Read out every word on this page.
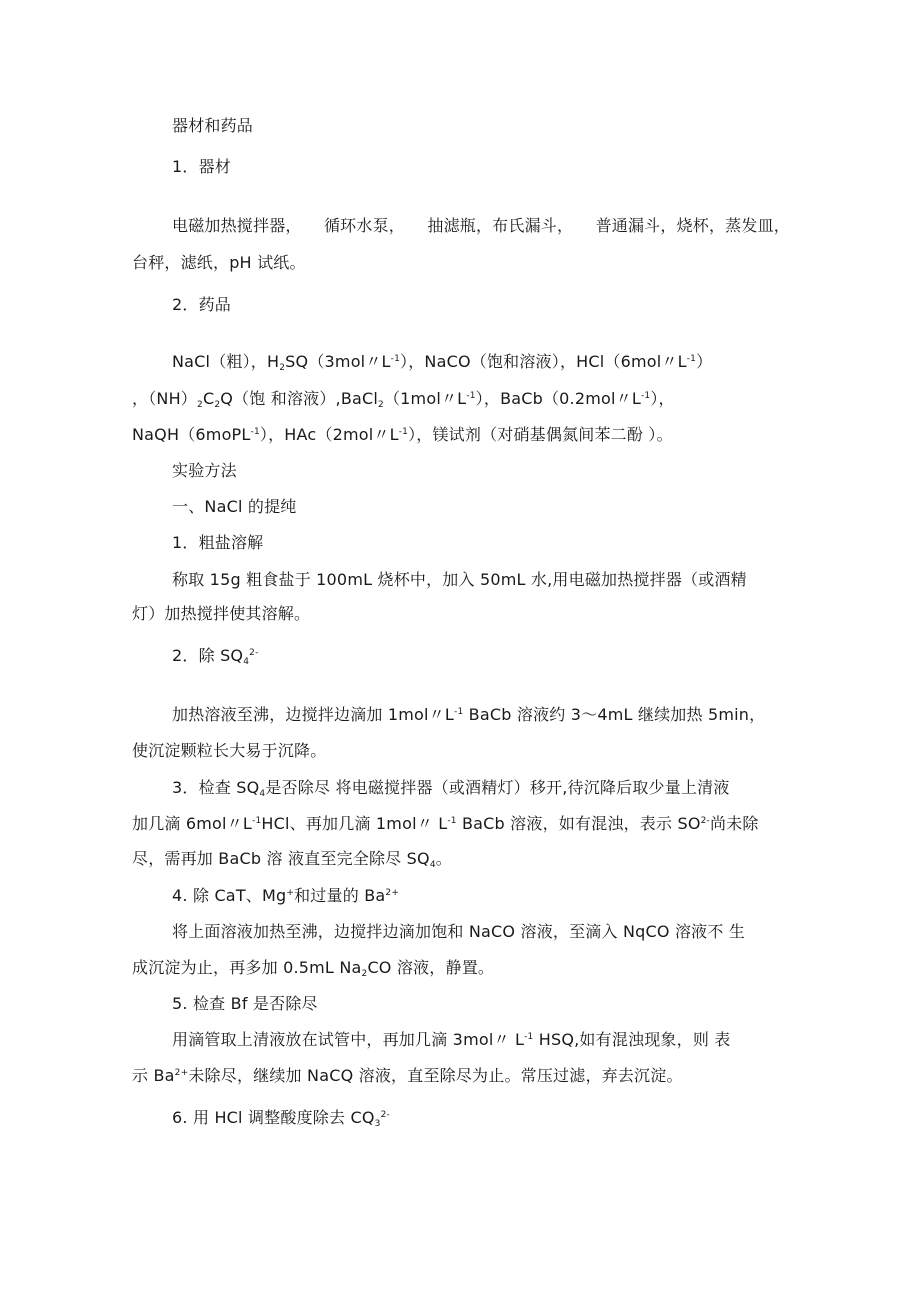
器材和药品
1．器材
电磁加热搅拌器， 循环水泵， 抽滤瓶，布氏漏斗， 普通漏斗，烧杯，蒸发皿，
台秤，滤纸，pH 试纸。
2．药品
NaCl（粗），$H_2SQ(3mol$〃$L^{-1}$），NaCO（饱和溶液），HCl（6mol〃$L^{-1}$）
，$(NH)_2C_2Q$（饱 和溶液）,BaCl$_2$（1mol〃$L^{-1}$），BaCb（0.2mol〃$L^{-1}$），
NaQH（6moPL$^{-1}$），HAc（2mol〃$L^{-1}$），镁试剂（对硝基偶氮间苯二酚 ）。
实验方法
一、NaCl 的提纯
1．粗盐溶解
称取 15g 粗食盐于 100mL 烧杯中，加入 50mL 水,用电磁加热搅拌器（或酒精
灯）加热搅拌使其溶解。
2．除 $SQ_4^{2-}$
加热溶液至沸，边搅拌边滴加 1mol〃$L^{-1}$ BaCb 溶液约 3〜4mL 继续加热 5min，
使沉淀颗粒长大易于沉降。
3．检查 $SQ_4$是否除尽 将电磁搅拌器（或酒精灯）移开,待沉降后取少量上清液
加几滴 6mol〃$L^{-1}HCl$、再加几滴 1mol〃 $L^{-1}$ BaCb 溶液，如有混浊，表示 $SO^{2-}$尚未除
尽，需再加 BaCb 溶 液直至完全除尽 $SQ_4$。
4. 除 CaT、Mg+和过量的 $Ba^{2+}$
将上面溶液加热至沸，边搅拌边滴加饱和 NaCO 溶液，至滴入 NqCO 溶液不 生
成沉淀为止，再多加 0.5mL $Na_2CO$ 溶液，静置。
5. 检查 Bf 是否除尽
用滴管取上清液放在试管中，再加几滴 3mol〃 $L^{-1}$ HSQ,如有混浊现象，则 表
示 $Ba^{2+}$未除尽，继续加 NaCQ 溶液，直至除尽为止。常压过滤，弃去沉淀。
6. 用 HCl 调整酸度除去 $CQ_3^{2-}$
